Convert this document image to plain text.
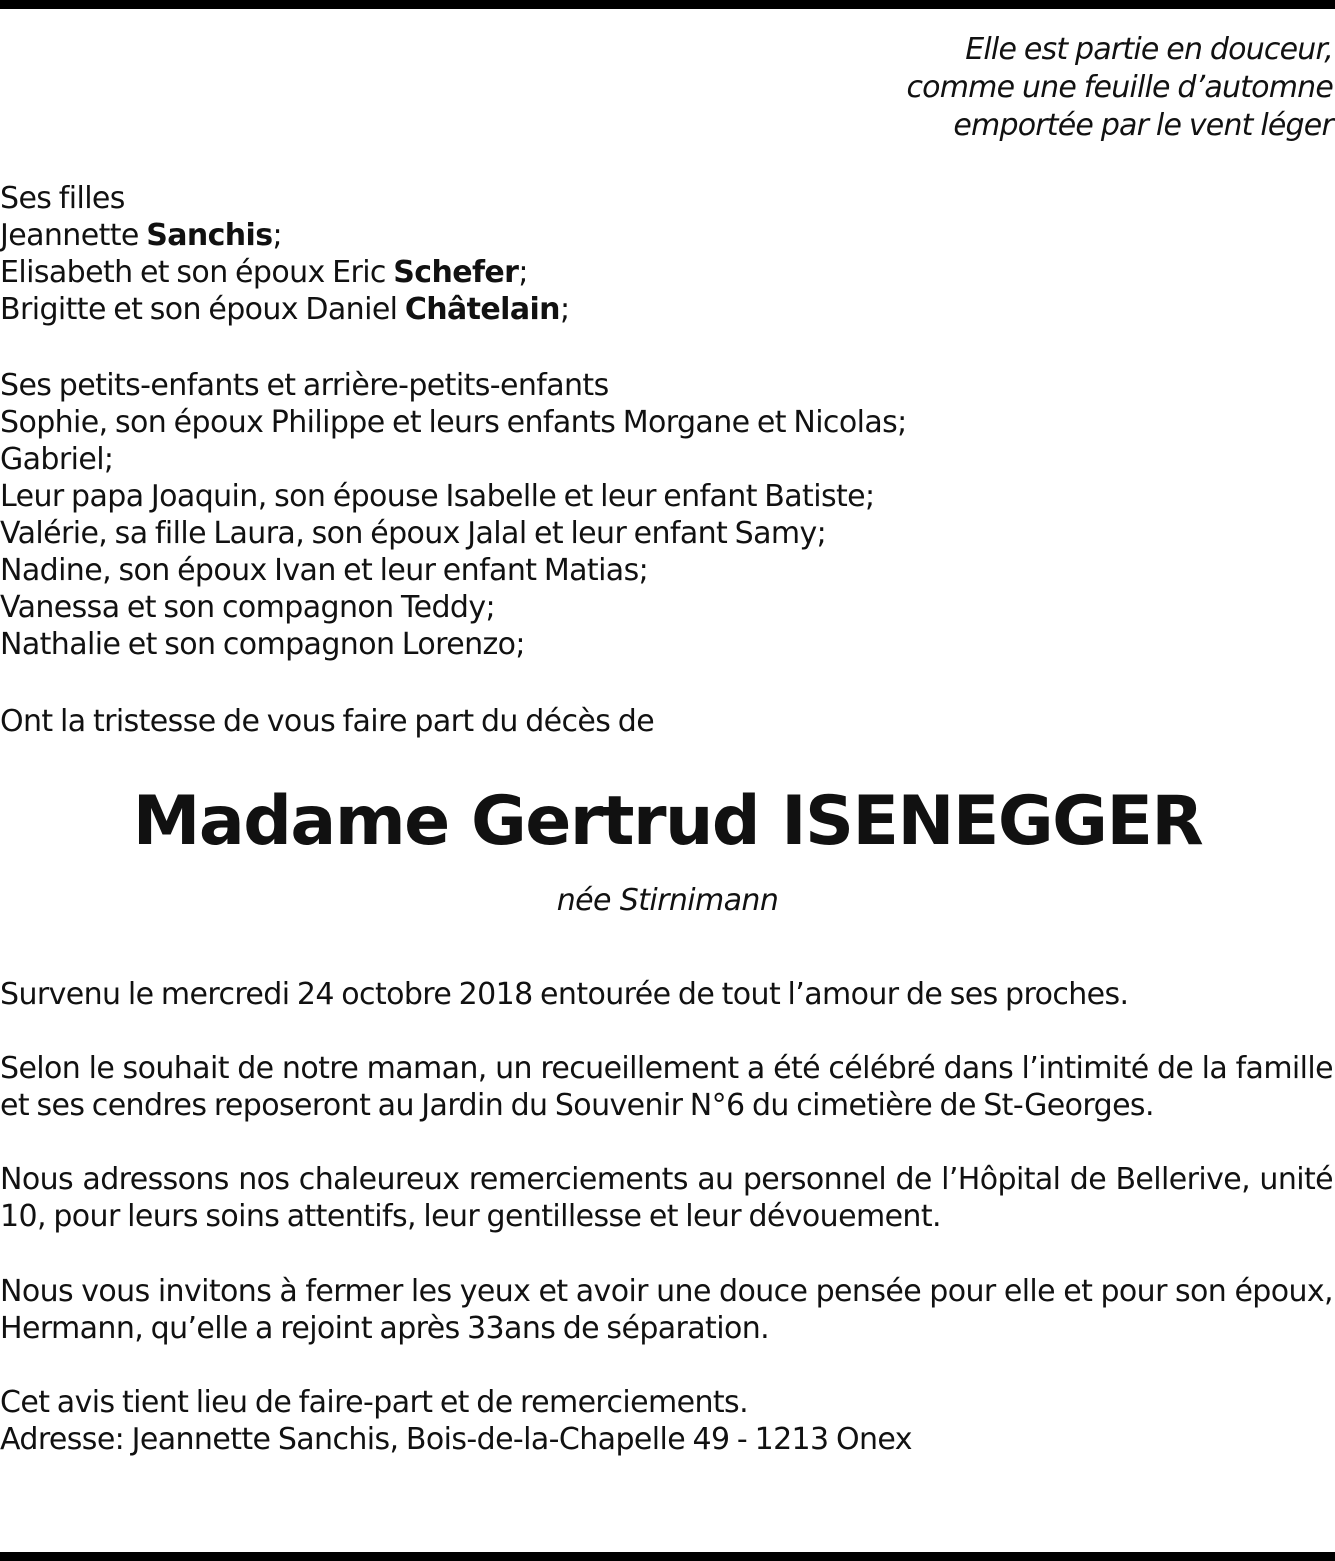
Elle est partie en douceur,
comme une feuille d’automne
emportée par le vent léger
Ses filles
Jeannette Sanchis;
Elisabeth et son époux Eric Schefer;
Brigitte et son époux Daniel Châtelain;
Ses petits-enfants et arrière-petits-enfants
Sophie, son époux Philippe et leurs enfants Morgane et Nicolas;
Gabriel;
Leur papa Joaquin, son épouse Isabelle et leur enfant Batiste;
Valérie, sa fille Laura, son époux Jalal et leur enfant Samy;
Nadine, son époux Ivan et leur enfant Matias;
Vanessa et son compagnon Teddy;
Nathalie et son compagnon Lorenzo;
Ont la tristesse de vous faire part du décès de
Madame Gertrud ISENEGGER
née Stirnimann
Survenu le mercredi 24 octobre 2018 entourée de tout l’amour de ses proches.
Selon le souhait de notre maman, un recueillement a été célébré dans l’intimité de la famille et ses cendres reposeront au Jardin du Souvenir N°6 du cimetière de St-Georges.
Nous adressons nos chaleureux remerciements au personnel de l’Hôpital de Bellerive, unité 10, pour leurs soins attentifs, leur gentillesse et leur dévouement.
Nous vous invitons à fermer les yeux et avoir une douce pensée pour elle et pour son époux, Hermann, qu’elle a rejoint après 33ans de séparation.
Cet avis tient lieu de faire-part et de remerciements.
Adresse: Jeannette Sanchis, Bois-de-la-Chapelle 49 - 1213 Onex
